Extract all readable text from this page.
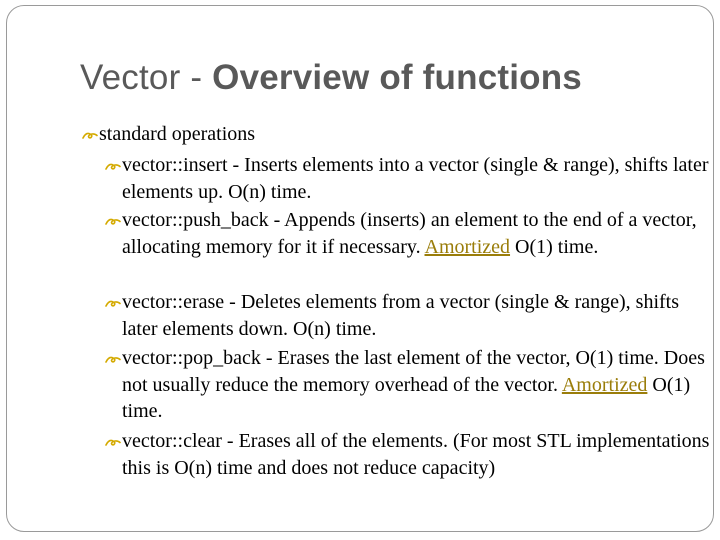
Vector - Overview of functions
standard operations
vector::insert - Inserts elements into a vector (single & range), shifts later elements up. O(n) time.
vector::push_back - Appends (inserts) an element to the end of a vector, allocating memory for it if necessary. Amortized O(1) time.
vector::erase - Deletes elements from a vector (single & range), shifts later elements down. O(n) time.
vector::pop_back - Erases the last element of the vector, O(1) time. Does not usually reduce the memory overhead of the vector. Amortized O(1) time.
vector::clear - Erases all of the elements. (For most STL implementations this is O(n) time and does not reduce capacity)
